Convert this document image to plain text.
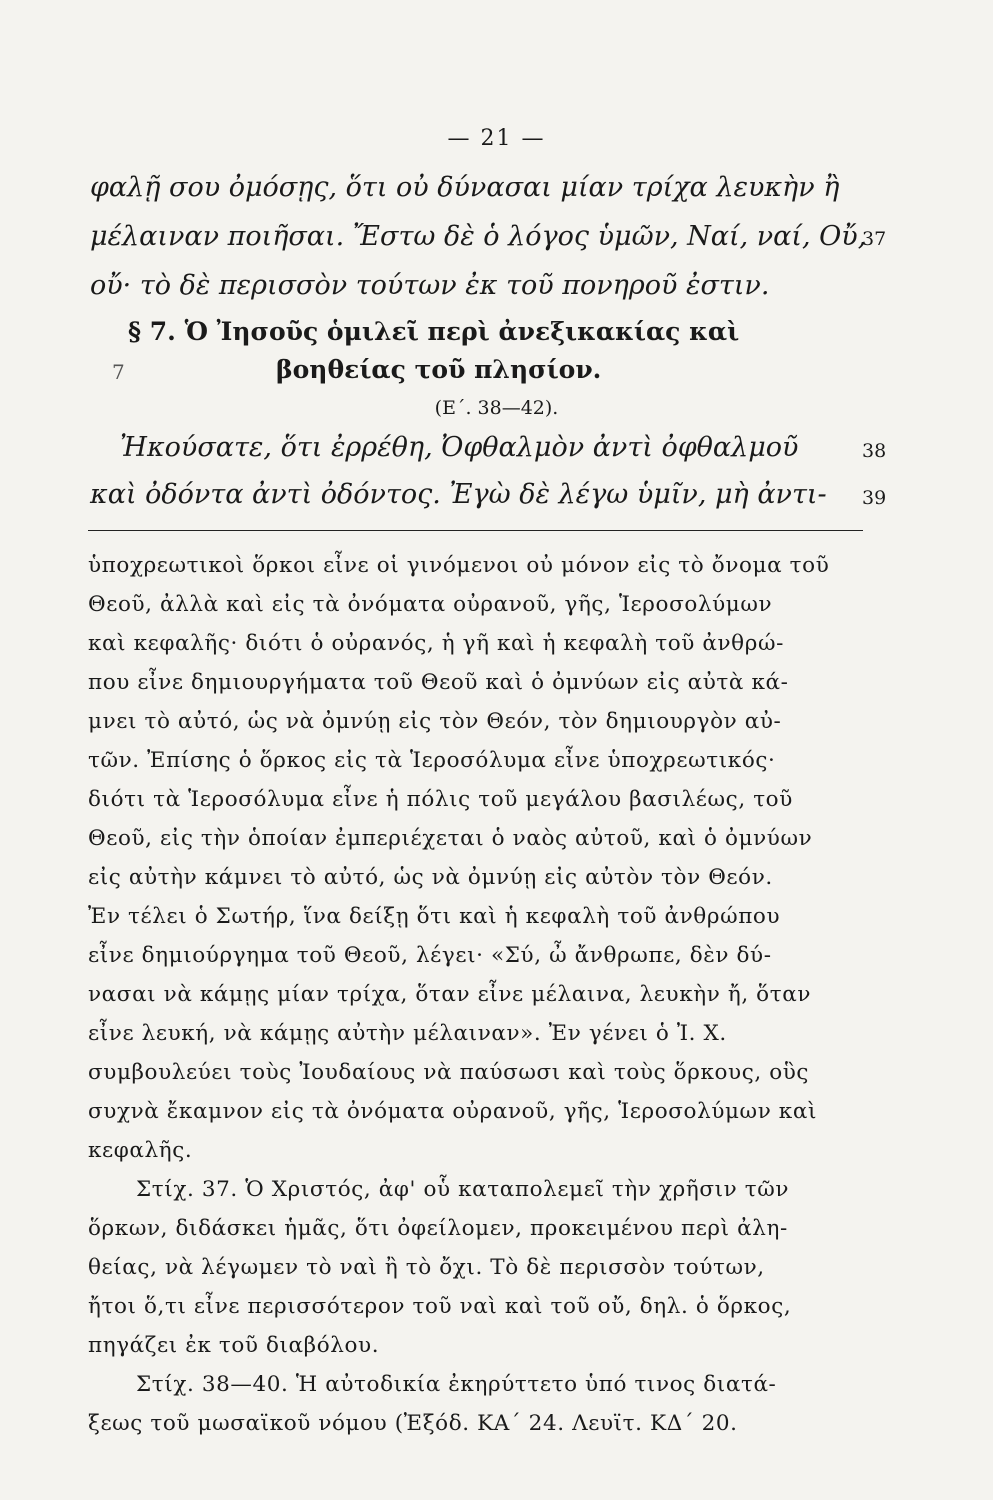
— 21 —
φαλῇ σου ὀμόσῃς, ὅτι οὐ δύνασαι μίαν τρίχα λευκὴν ἢ
μέλαιναν ποιῆσαι. Ἔστω δὲ ὁ λόγος ὑμῶν, Ναί, ναί, Οὔ,
37
οὔ· τὸ δὲ περισσὸν τούτων ἐκ τοῦ πονηροῦ ἐστιν.
§ 7. Ὁ Ἰησοῦς ὁμιλεῖ περὶ ἀνεξικακίας καὶ
7	βοηθείας τοῦ πλησίον.
(Ε΄. 38—42).
Ἠκούσατε, ὅτι ἐρρέθη, Ὀφθαλμὸν ἀντὶ ὀφθαλμοῦ	38
καὶ ὀδόντα ἀντὶ ὀδόντος. Ἐγὼ δὲ λέγω ὑμῖν, μὴ ἀντι-	39
ὑποχρεωτικοὶ ὅρκοι εἶνε οἱ γινόμενοι οὐ μόνον εἰς τὸ ὄνομα τοῦ
Θεοῦ, ἀλλὰ καὶ εἰς τὰ ὀνόματα οὐρανοῦ, γῆς, Ἱεροσολύμων
καὶ κεφαλῆς· διότι ὁ οὐρανός, ἡ γῆ καὶ ἡ κεφαλὴ τοῦ ἀνθρώ-
που εἶνε δημιουργήματα τοῦ Θεοῦ καὶ ὁ ὀμνύων εἰς αὐτὰ κά-
μνει τὸ αὐτό, ὡς νὰ ὀμνύῃ εἰς τὸν Θεόν, τὸν δημιουργὸν αὐ-
τῶν. Ἐπίσης ὁ ὅρκος εἰς τὰ Ἱεροσόλυμα εἶνε ὑποχρεωτικός·
διότι τὰ Ἱεροσόλυμα εἶνε ἡ πόλις τοῦ μεγάλου βασιλέως, τοῦ
Θεοῦ, εἰς τὴν ὁποίαν ἐμπεριέχεται ὁ ναὸς αὐτοῦ, καὶ ὁ ὀμνύων
εἰς αὐτὴν κάμνει τὸ αὐτό, ὡς νὰ ὀμνύῃ εἰς αὐτὸν τὸν Θεόν.
Ἐν τέλει ὁ Σωτήρ, ἵνα δείξῃ ὅτι καὶ ἡ κεφαλὴ τοῦ ἀνθρώπου
εἶνε δημιούργημα τοῦ Θεοῦ, λέγει· «Σύ, ὦ ἄνθρωπε, δὲν δύ-
νασαι νὰ κάμῃς μίαν τρίχα, ὅταν εἶνε μέλαινα, λευκὴν ἤ, ὅταν
εἶνε λευκή, νὰ κάμῃς αὐτὴν μέλαιναν». Ἐν γένει ὁ Ἰ. Χ.
συμβουλεύει τοὺς Ἰουδαίους νὰ παύσωσι καὶ τοὺς ὅρκους, οὓς
συχνὰ ἔκαμνον εἰς τὰ ὀνόματα οὐρανοῦ, γῆς, Ἱεροσολύμων καὶ
κεφαλῆς.
Στίχ. 37. Ὁ Χριστός, ἀφ' οὗ καταπολεμεῖ τὴν χρῆσιν τῶν
ὅρκων, διδάσκει ἡμᾶς, ὅτι ὀφείλομεν, προκειμένου περὶ ἀλη-
θείας, νὰ λέγωμεν τὸ ναὶ ἢ τὸ ὄχι. Τὸ δὲ περισσὸν τούτων,
ἤτοι ὅ,τι εἶνε περισσότερον τοῦ ναὶ καὶ τοῦ οὔ, δηλ. ὁ ὅρκος,
πηγάζει ἐκ τοῦ διαβόλου.
Στίχ. 38—40. Ἡ αὐτοδικία ἐκηρύττετο ὑπό τινος διατά-
ξεως τοῦ μωσαϊκοῦ νόμου (Ἐξόδ. ΚΑ΄ 24. Λευϊτ. ΚΔ΄ 20.
